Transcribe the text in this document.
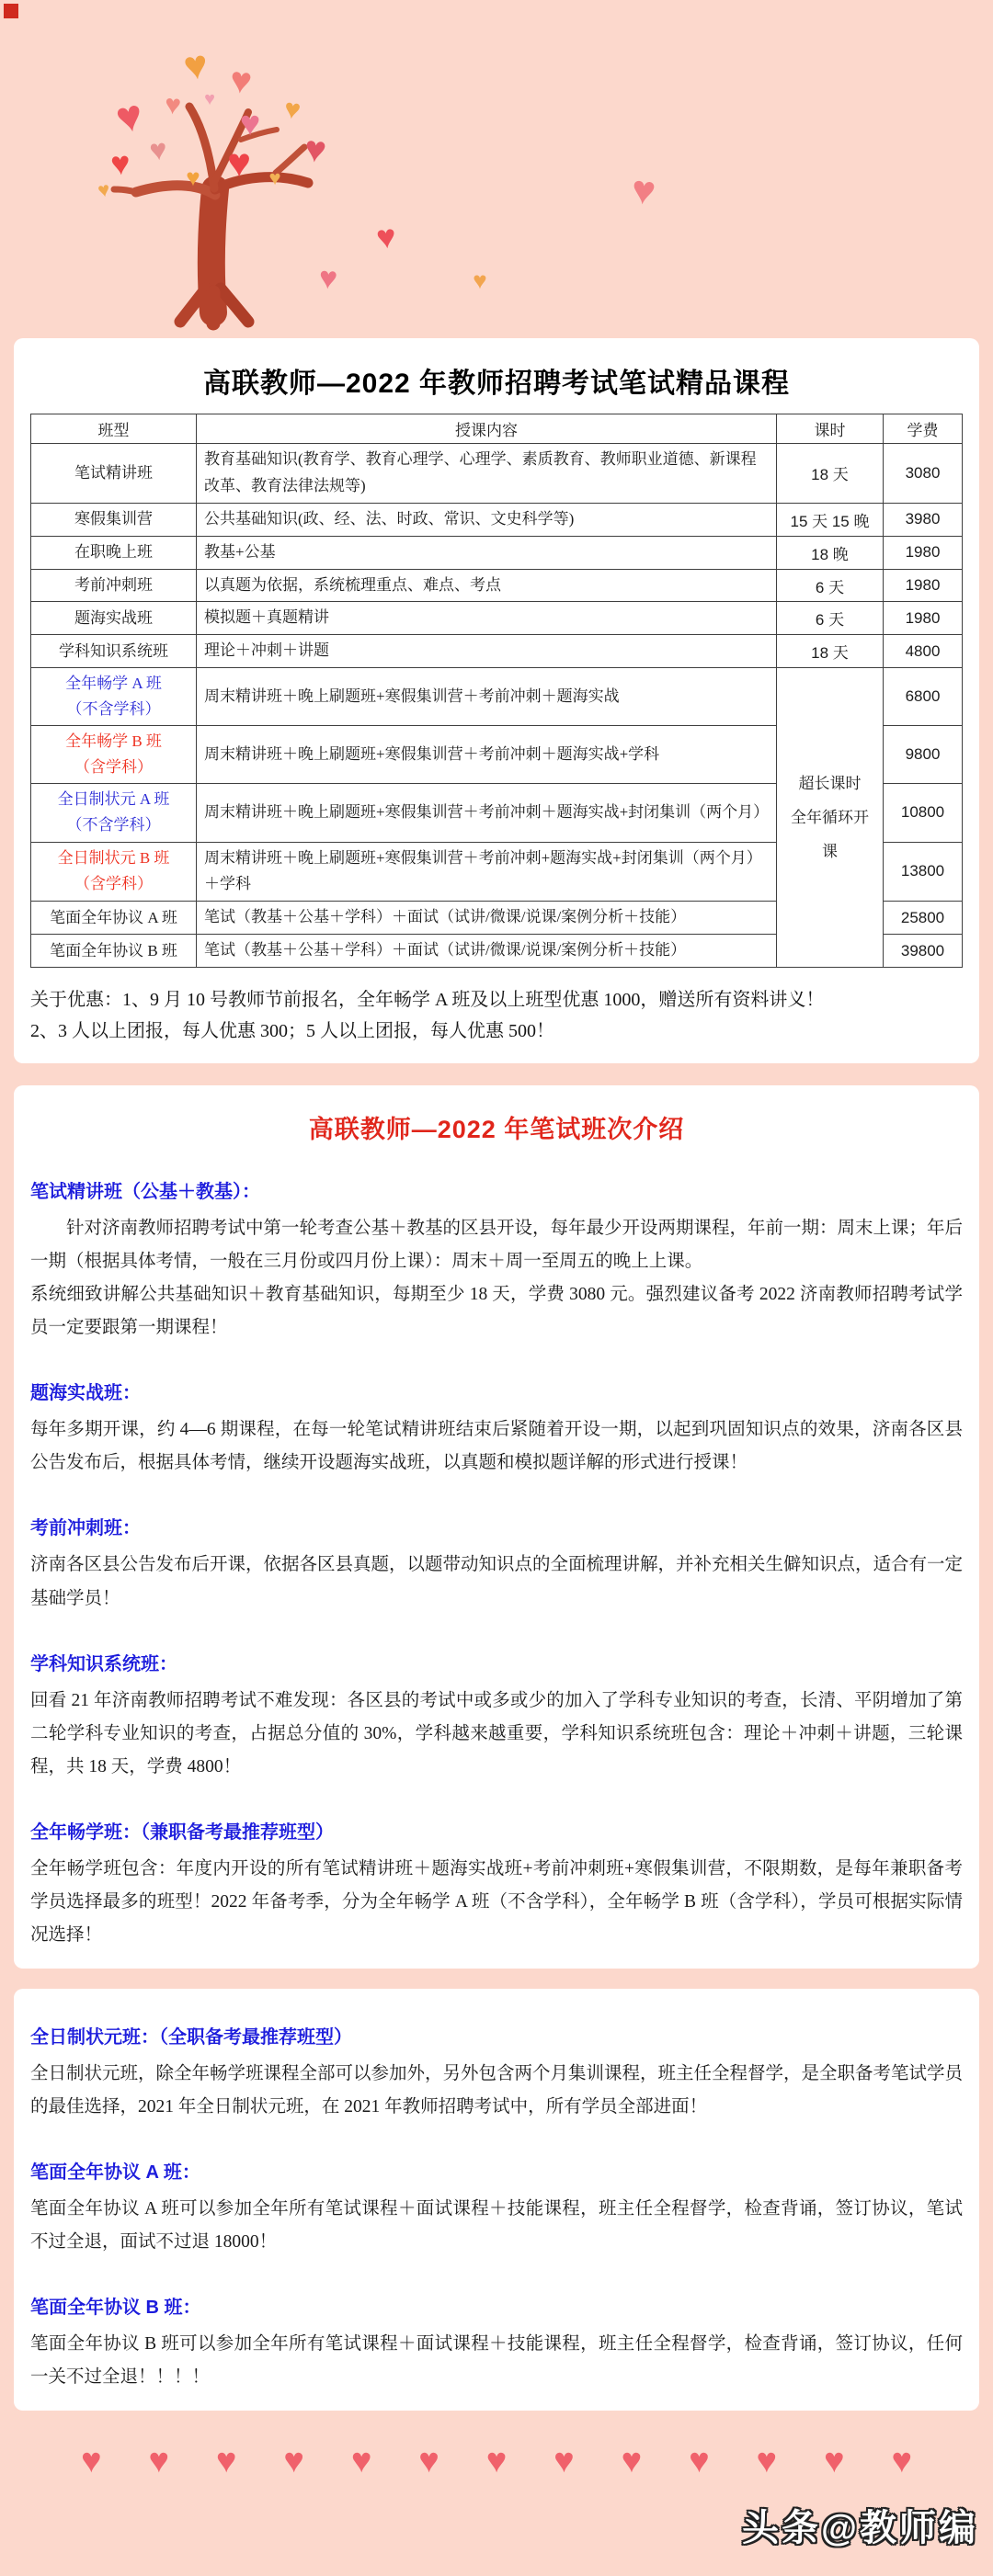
♥ ♥
♥ ♥ ♥ ♥
♥
♥	♥
♥ ♥
♥	♥
♥	♥
♥
♥	♥
高联教师—2022 年教师招聘考试笔试精品课程
班型	授课内容	课时	学费

笔试精讲班	教育基础知识(教育学、教育心理学、心理学、素质教育、教师职业道德、新课程改革、教育法律法规等)	18 天	3080

寒假集训营	公共基础知识(政、经、法、时政、常识、文史科学等)	15 天 15 晚	3980

在职晚上班	教基+公基	18 晚	1980

考前冲刺班	以真题为依据，系统梳理重点、难点、考点	6 天	1980

题海实战班	模拟题＋真题精讲	6 天	1980

学科知识系统班	理论＋冲刺＋讲题	18 天	4800

全年畅学 A 班
（不含学科）
	周末精讲班＋晚上刷题班+寒假集训营＋考前冲刺＋题海实战	
超长课时
全年循环开课
	6800

全年畅学 B 班
（含学科）	周末精讲班＋晚上刷题班+寒假集训营＋考前冲刺＋题海实战+学科		9800

全日制状元 A 班
（不含学科）	周末精讲班＋晚上刷题班+寒假集训营＋考前冲刺＋题海实战+封闭集训（两个月）		10800

全日制状元 B 班
（含学科）	周末精讲班＋晚上刷题班+寒假集训营＋考前冲刺+题海实战+封闭集训（两个月）＋学科		13800

笔面全年协议 A 班	笔试（教基＋公基＋学科）＋面试（试讲/微课/说课/案例分析＋技能）		25800

笔面全年协议 B 班	笔试（教基＋公基＋学科）＋面试（试讲/微课/说课/案例分析＋技能）		39800
关于优惠：1、9 月 10 号教师节前报名，全年畅学 A 班及以上班型优惠 1000，赠送所有资料讲义！
2、3 人以上团报，每人优惠 300；5 人以上团报，每人优惠 500！
高联教师—2022 年笔试班次介绍
笔试精讲班（公基＋教基）：
针对济南教师招聘考试中第一轮考查公基＋教基的区县开设，每年最少开设两期课程，年前一期：周末上课；年后一期（根据具体考情，一般在三月份或四月份上课）：周末＋周一至周五的晚上上课。
系统细致讲解公共基础知识＋教育基础知识，每期至少 18 天，学费 3080 元。强烈建议备考 2022 济南教师招聘考试学员一定要跟第一期课程！
题海实战班：
每年多期开课，约 4—6 期课程，在每一轮笔试精讲班结束后紧随着开设一期，以起到巩固知识点的效果，济南各区县公告发布后，根据具体考情，继续开设题海实战班，以真题和模拟题详解的形式进行授课！
考前冲刺班：
济南各区县公告发布后开课，依据各区县真题，以题带动知识点的全面梳理讲解，并补充相关生僻知识点，适合有一定基础学员！
学科知识系统班：
回看 21 年济南教师招聘考试不难发现：各区县的考试中或多或少的加入了学科专业知识的考查，长清、平阴增加了第二轮学科专业知识的考查，占据总分值的 30%，学科越来越重要，学科知识系统班包含：理论＋冲刺＋讲题，三轮课程，共 18 天，学费 4800！
全年畅学班：（兼职备考最推荐班型）
全年畅学班包含：年度内开设的所有笔试精讲班＋题海实战班+考前冲刺班+寒假集训营，不限期数，是每年兼职备考学员选择最多的班型！2022 年备考季，分为全年畅学 A 班（不含学科），全年畅学 B 班（含学科），学员可根据实际情况选择！
全日制状元班：（全职备考最推荐班型）
全日制状元班，除全年畅学班课程全部可以参加外，另外包含两个月集训课程，班主任全程督学，是全职备考笔试学员的最佳选择，2021 年全日制状元班，在 2021 年教师招聘考试中，所有学员全部进面！
笔面全年协议 A 班：
笔面全年协议 A 班可以参加全年所有笔试课程＋面试课程＋技能课程，班主任全程督学，检查背诵，签订协议，笔试不过全退，面试不过退 18000！
笔面全年协议 B 班：
笔面全年协议 B 班可以参加全年所有笔试课程＋面试课程＋技能课程，班主任全程督学，检查背诵，签订协议，任何一关不过全退！！！！
♥ ♥ ♥ ♥ ♥ ♥ ♥ ♥ ♥ ♥ ♥ ♥ ♥
头条@教师编
